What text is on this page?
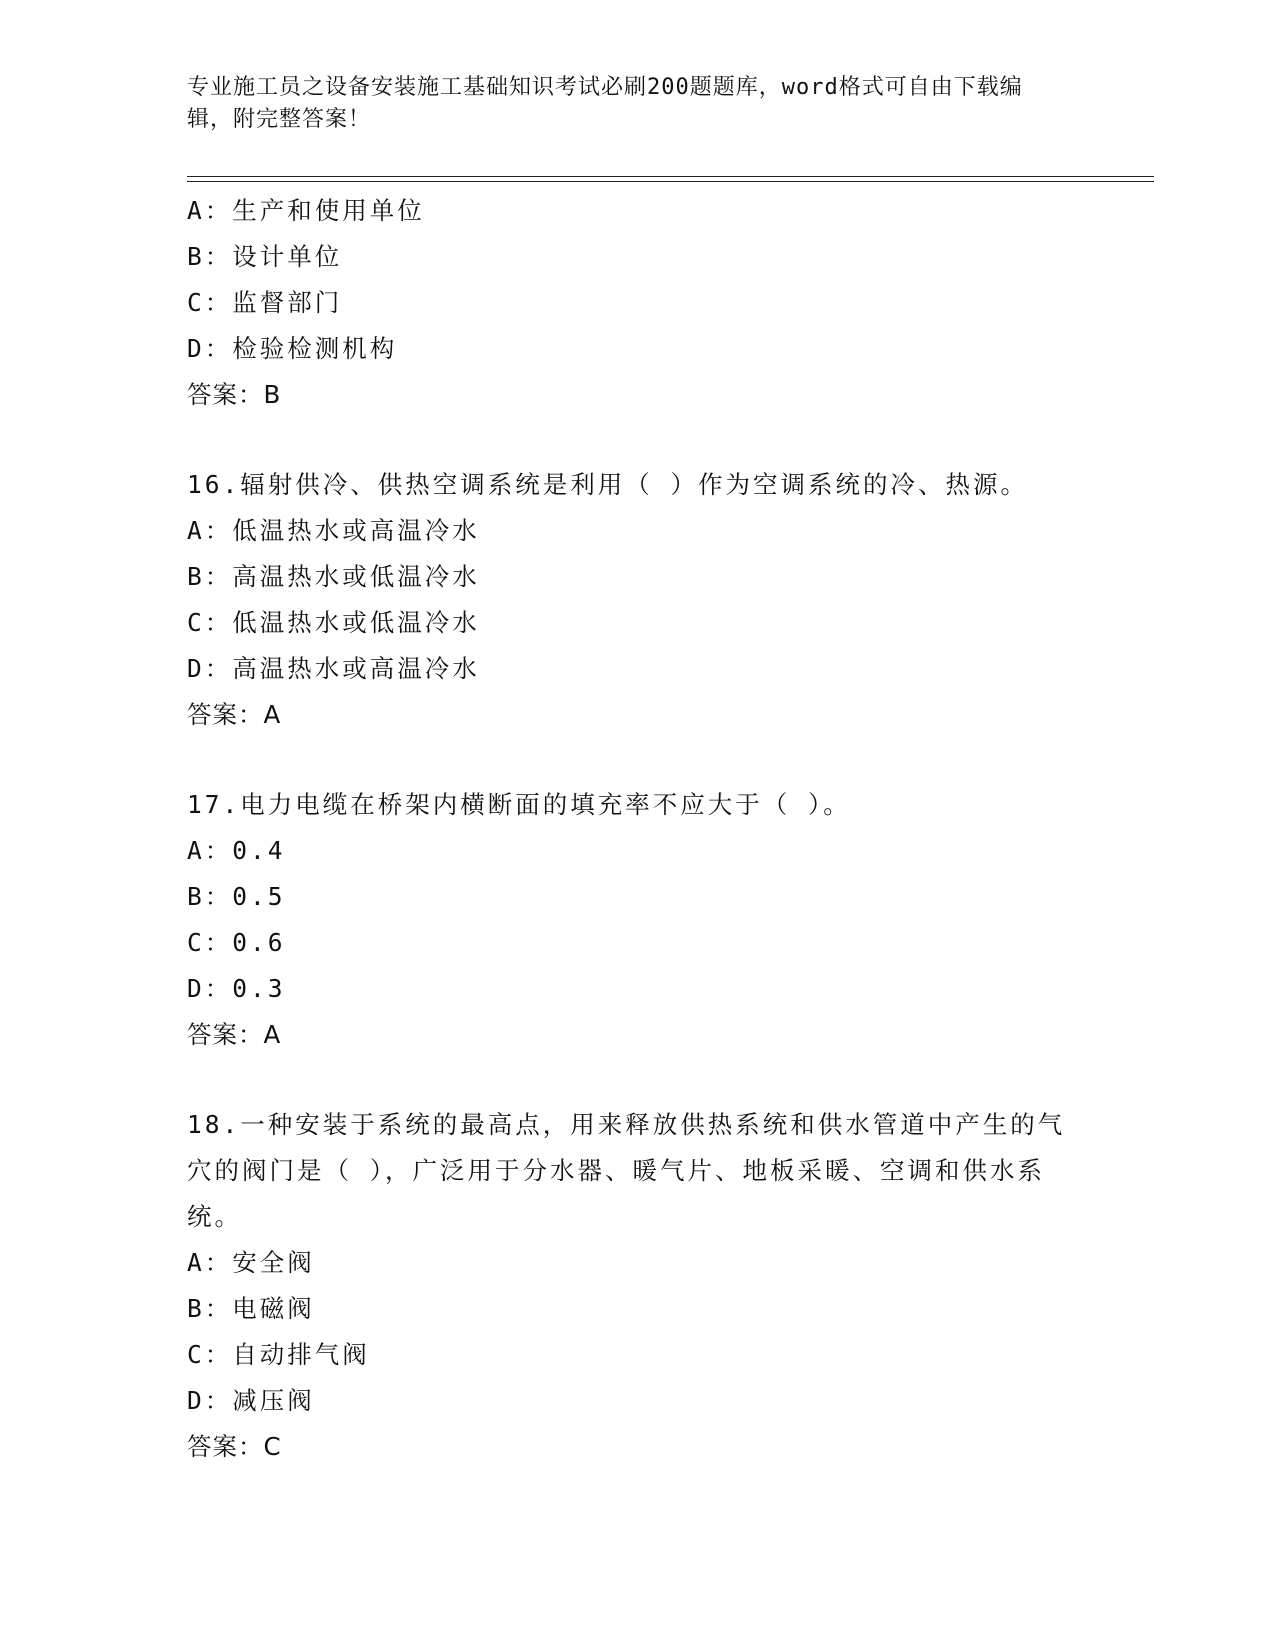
专业施工员之设备安装施工基础知识考试必刷200题题库，word格式可自由下载编辑，附完整答案！
A：生产和使用单位
B：设计单位
C：监督部门
D：检验检测机构
答案：B
16.辐射供冷、供热空调系统是利用（ ）作为空调系统的冷、热源。
A：低温热水或高温冷水
B：高温热水或低温冷水
C：低温热水或低温冷水
D：高温热水或高温冷水
答案：A
17.电力电缆在桥架内横断面的填充率不应大于（ ）。
A：0.4
B：0.5
C：0.6
D：0.3
答案：A
18.一种安装于系统的最高点，用来释放供热系统和供水管道中产生的气穴的阀门是（ ），广泛用于分水器、暖气片、地板采暖、空调和供水系统。
A：安全阀
B：电磁阀
C：自动排气阀
D：减压阀
答案：C
